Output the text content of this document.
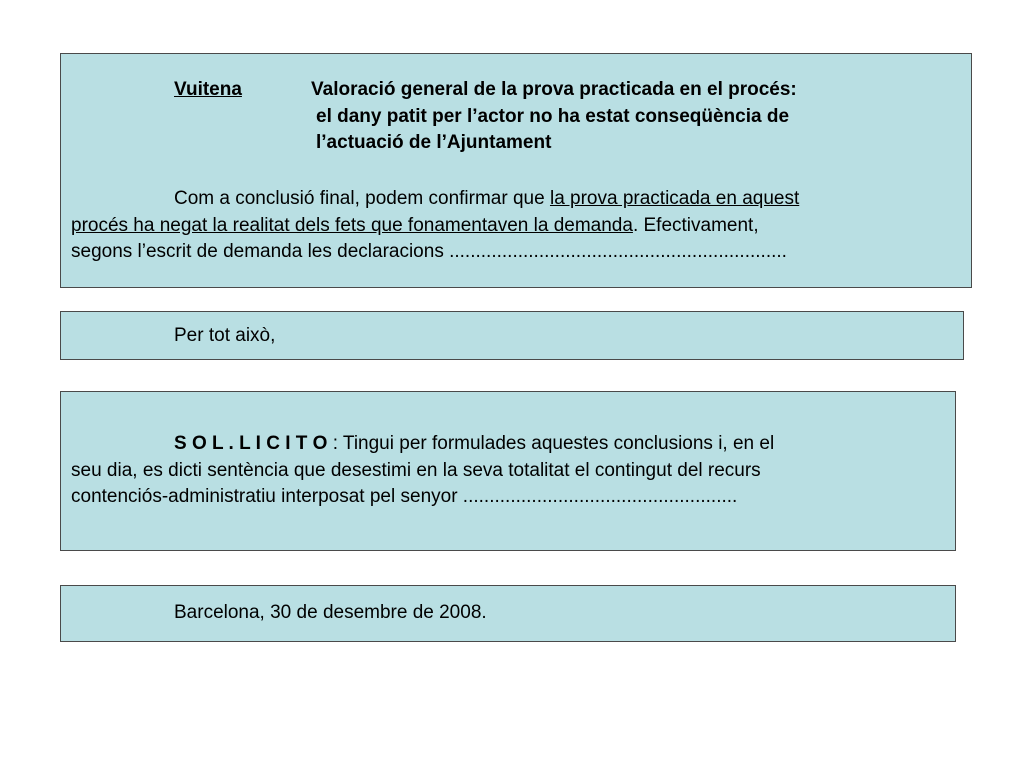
Vuitena	Valoració general de la prova practicada en el procés:
el dany patit per l’actor no ha estat conseqüència de
l’actuació de l’Ajuntament
Com a conclusió final, podem confirmar que la prova practicada en aquest
procés ha negat la realitat dels fets que fonamentaven la demanda. Efectivament,
segons l’escrit de demanda les declaracions ................................................................
Per tot això,
S O L . L I C I T O : Tingui per formulades aquestes conclusions i, en el
seu dia, es dicti sentència que desestimi en la seva totalitat el contingut del recurs
contenciós-administratiu interposat pel senyor ....................................................
Barcelona, 30 de desembre de 2008.
